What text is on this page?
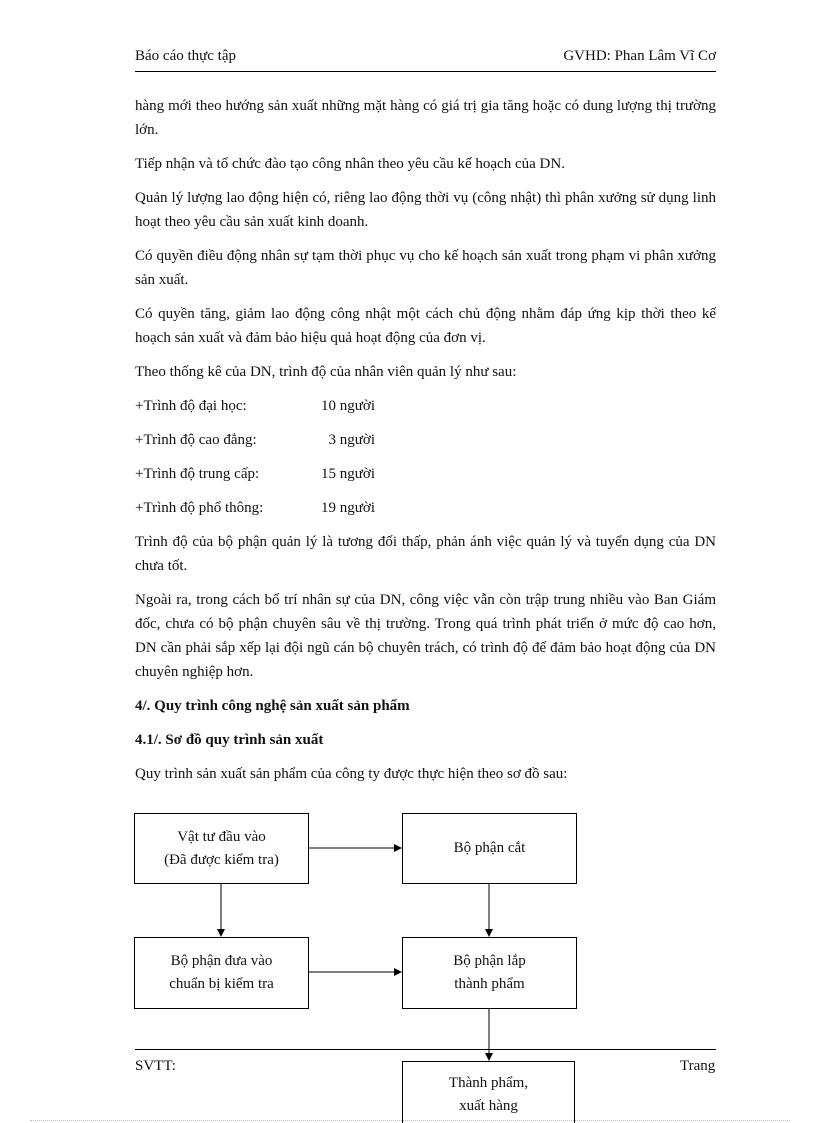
Báo cáo thực tập	GVHD: Phan Lâm Vĩ Cơ

hàng mới theo hướng sản xuất những mặt hàng có giá trị gia tăng hoặc có dung lượng thị trường lớn.

Tiếp nhận và tổ chức đào tạo công nhân theo yêu cầu kế hoạch của DN.

Quản lý lượng lao động hiện có, riêng lao động thời vụ (công nhật) thì phân xưởng sử dụng linh hoạt theo yêu cầu sản xuất kinh doanh.

Có quyền điều động nhân sự tạm thời phục vụ cho kế hoạch sản xuất trong phạm vi phân xưởng sản xuất.

Có quyền tăng, giảm lao động công nhật một cách chủ động nhằm đáp ứng kịp thời theo kế hoạch sản xuất và đảm bảo hiệu quả hoạt động của đơn vị.

Theo thống kê của DN, trình độ của nhân viên quản lý như sau:

+Trình độ đại học:	10 người
+Trình độ cao đẳng:	3 người
+Trình độ trung cấp:	15 người
+Trình độ phổ thông:	19 người

Trình độ của bộ phận quản lý là tương đối thấp, phản ánh việc quản lý và tuyển dụng của DN chưa tốt.

Ngoài ra, trong cách bố trí nhân sự của DN, công việc vẫn còn trập trung nhiều vào Ban Giám đốc, chưa có bộ phận chuyên sâu về thị trường. Trong quá trình phát triển ở mức độ cao hơn, DN cần phải sắp xếp lại đội ngũ cán bộ chuyên trách, có trình độ để đảm bảo hoạt động của DN chuyên nghiệp hơn.

4/. Quy trình công nghệ sản xuất sản phẩm

4.1/. Sơ đồ quy trình sản xuất

Quy trình sản xuất sản phẩm của công ty được thực hiện theo sơ đồ sau:

Vật tư đầu vào
(Đã được kiểm tra)
Bộ phận cắt
Bộ phận đưa vào
chuẩn bị kiểm tra
Bộ phận lắp
thành phẩm
SVTT:	Trang
Thành phẩm,
xuất hàng
